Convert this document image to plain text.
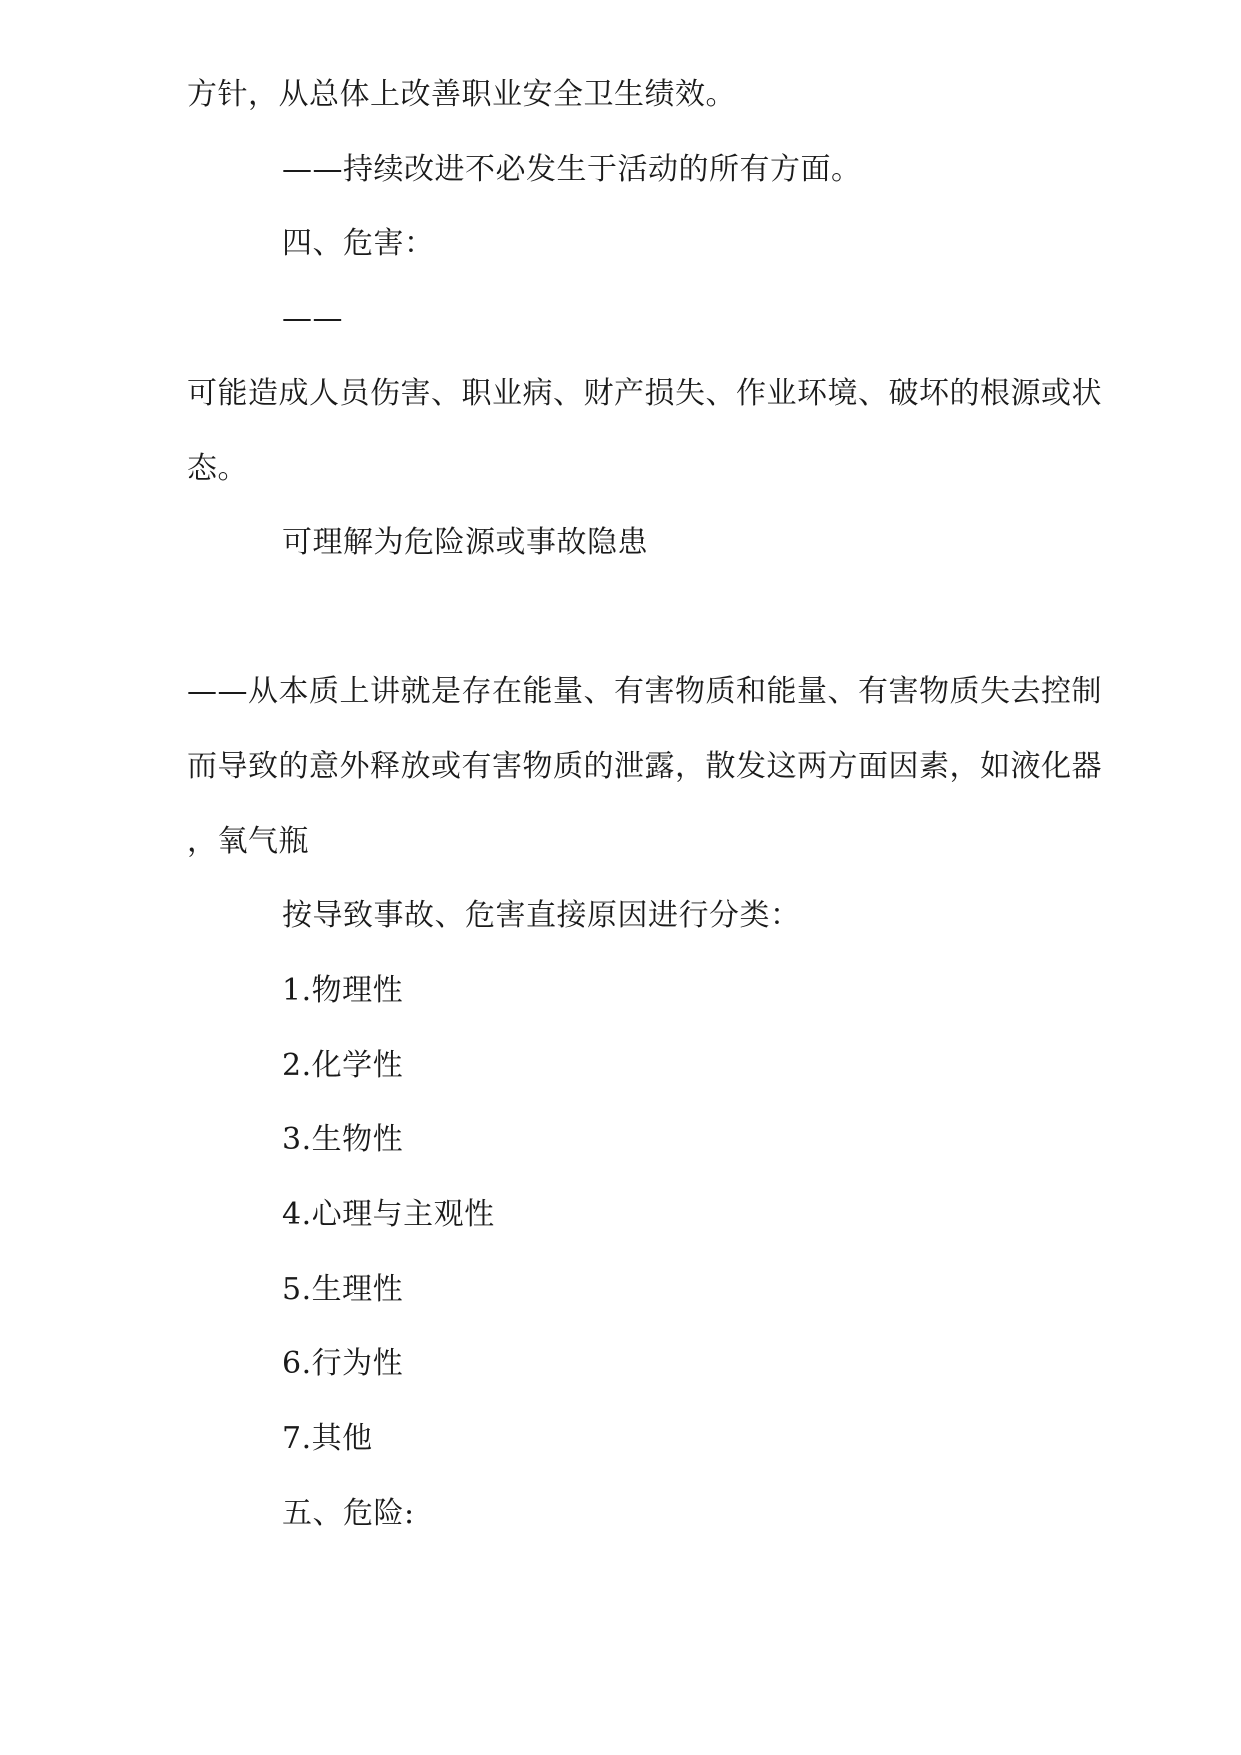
方针，从总体上改善职业安全卫生绩效。
——持续改进不必发生于活动的所有方面。
四、危害：
——
可能造成人员伤害、职业病、财产损失、作业环境、破坏的根源或状
态。
可理解为危险源或事故隐患
——从本质上讲就是存在能量、有害物质和能量、有害物质失去控制
而导致的意外释放或有害物质的泄露，散发这两方面因素，如液化器
，氧气瓶
按导致事故、危害直接原因进行分类：
1.物理性
2.化学性
3.生物性
4.心理与主观性
5.生理性
6.行为性
7.其他
五、危险:
